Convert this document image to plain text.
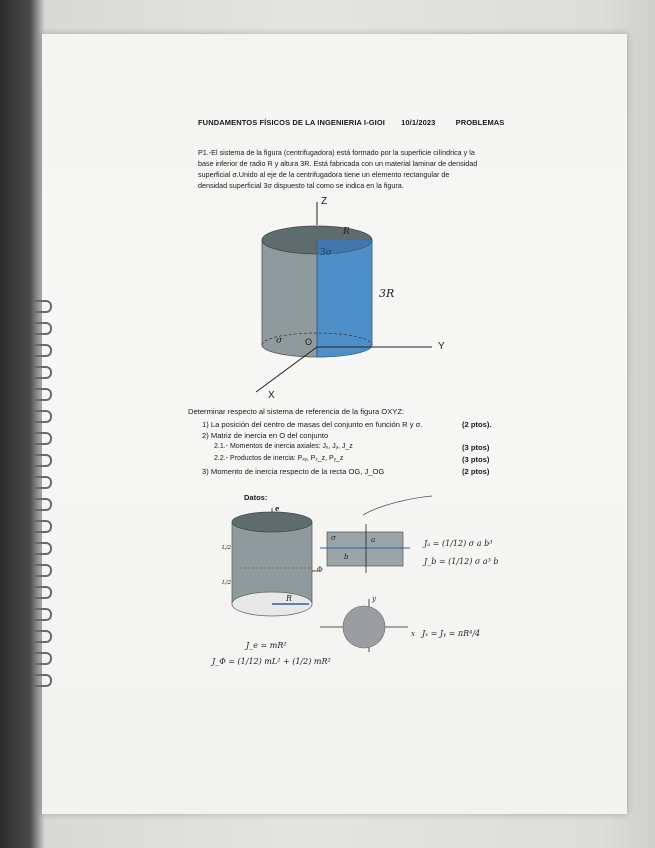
FUNDAMENTOS FÍSICOS DE LA INGENIERIA I-GIOI 10/1/2023	PROBLEMAS
P1.-El sistema de la figura (centrifugadora) está formado por la superficie cilíndrica y la
base inferior de radio R y altura 3R. Está fabricada con un material laminar de densidad
superficial σ.Unido al eje de la centrifugadora tiene un elemento rectangular de
densidad superficial 3σ dispuesto tal como se indica en la figura.
Z
Y
X
O
R
3σ
3R
σ
Determinar respecto al sistema de referencia de la figura OXYZ:
1) La posición del centro de masas del conjunto en función R y σ.	(2 ptos).
2) Matriz de inercia en O del conjunto
2.1.- Momentos de inercia axiales: Jₓ, Jᵧ, J_z	(3 ptos)
2.2.- Productos de inercia: Pₓᵧ, Pₓ_z, Pᵧ_z	(3 ptos)
3) Momento de inercia respecto de la recta OG, J_OG	(2 ptos)
Datos:
e
L/2
L/2
R
Φ
σ	a
b
Jₐ = (1/12) σ a b³
J_b = (1/12) σ a³ b
y
x Jₓ = Jᵧ = πR⁴/4
J_e = mR²
J_Φ = (1/12) mL² + (1/2) mR²
